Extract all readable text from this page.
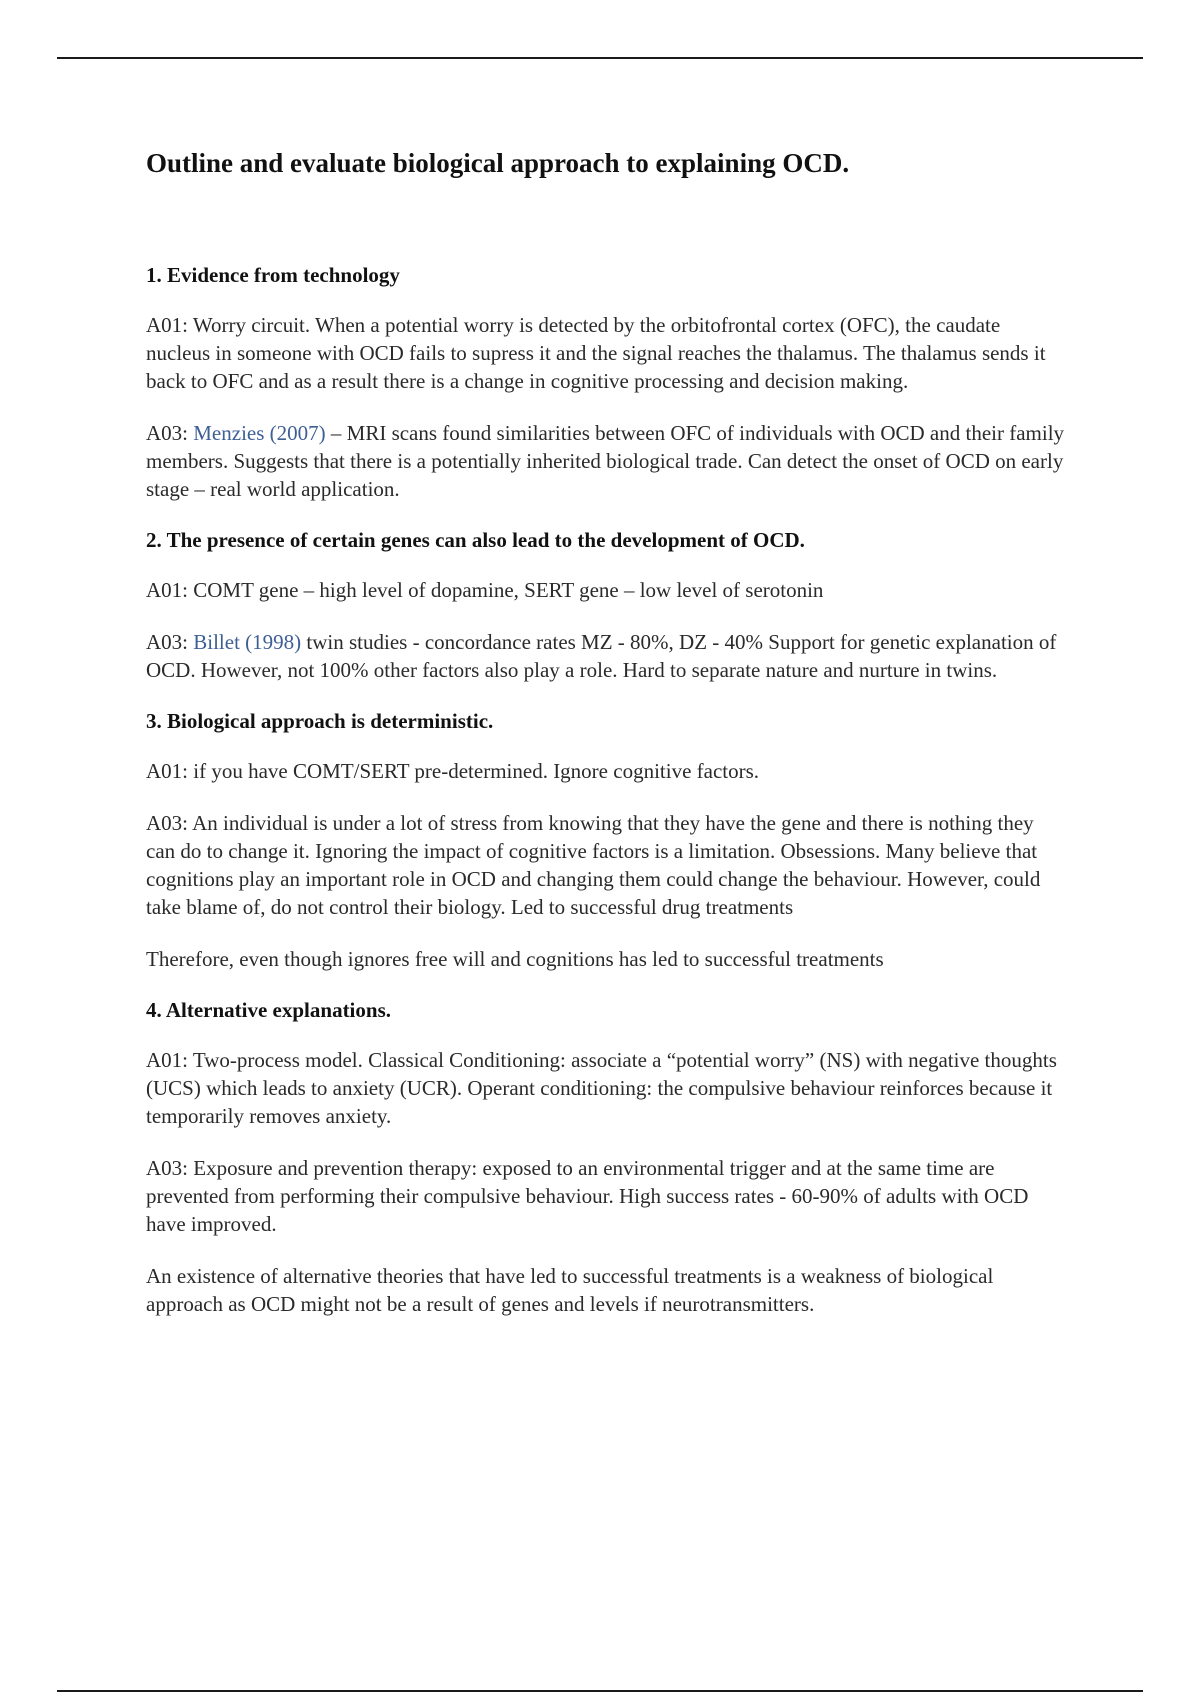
Outline and evaluate biological approach to explaining OCD.
1. Evidence from technology

A01: Worry circuit. When a potential worry is detected by the orbitofrontal cortex (OFC), the caudate nucleus in someone with OCD fails to supress it and the signal reaches the thalamus. The thalamus sends it back to OFC and as a result there is a change in cognitive processing and decision making.

A03: Menzies (2007) – MRI scans found similarities between OFC of individuals with OCD and their family members. Suggests that there is a potentially inherited biological trade. Can detect the onset of OCD on early stage – real world application.

2. The presence of certain genes can also lead to the development of OCD.

A01: COMT gene – high level of dopamine, SERT gene – low level of serotonin

A03: Billet (1998) twin studies - concordance rates MZ - 80%, DZ - 40% Support for genetic explanation of OCD. However, not 100% other factors also play a role. Hard to separate nature and nurture in twins.

3. Biological approach is deterministic.

A01: if you have COMT/SERT pre-determined. Ignore cognitive factors.

A03: An individual is under a lot of stress from knowing that they have the gene and there is nothing they can do to change it. Ignoring the impact of cognitive factors is a limitation. Obsessions. Many believe that cognitions play an important role in OCD and changing them could change the behaviour. However, could take blame of, do not control their biology. Led to successful drug treatments

Therefore, even though ignores free will and cognitions has led to successful treatments

4. Alternative explanations.

A01: Two-process model. Classical Conditioning: associate a “potential worry” (NS) with negative thoughts (UCS) which leads to anxiety (UCR). Operant conditioning: the compulsive behaviour reinforces because it temporarily removes anxiety.

A03: Exposure and prevention therapy: exposed to an environmental trigger and at the same time are prevented from performing their compulsive behaviour. High success rates - 60-90% of adults with OCD have improved.

An existence of alternative theories that have led to successful treatments is a weakness of biological approach as OCD might not be a result of genes and levels if neurotransmitters.
